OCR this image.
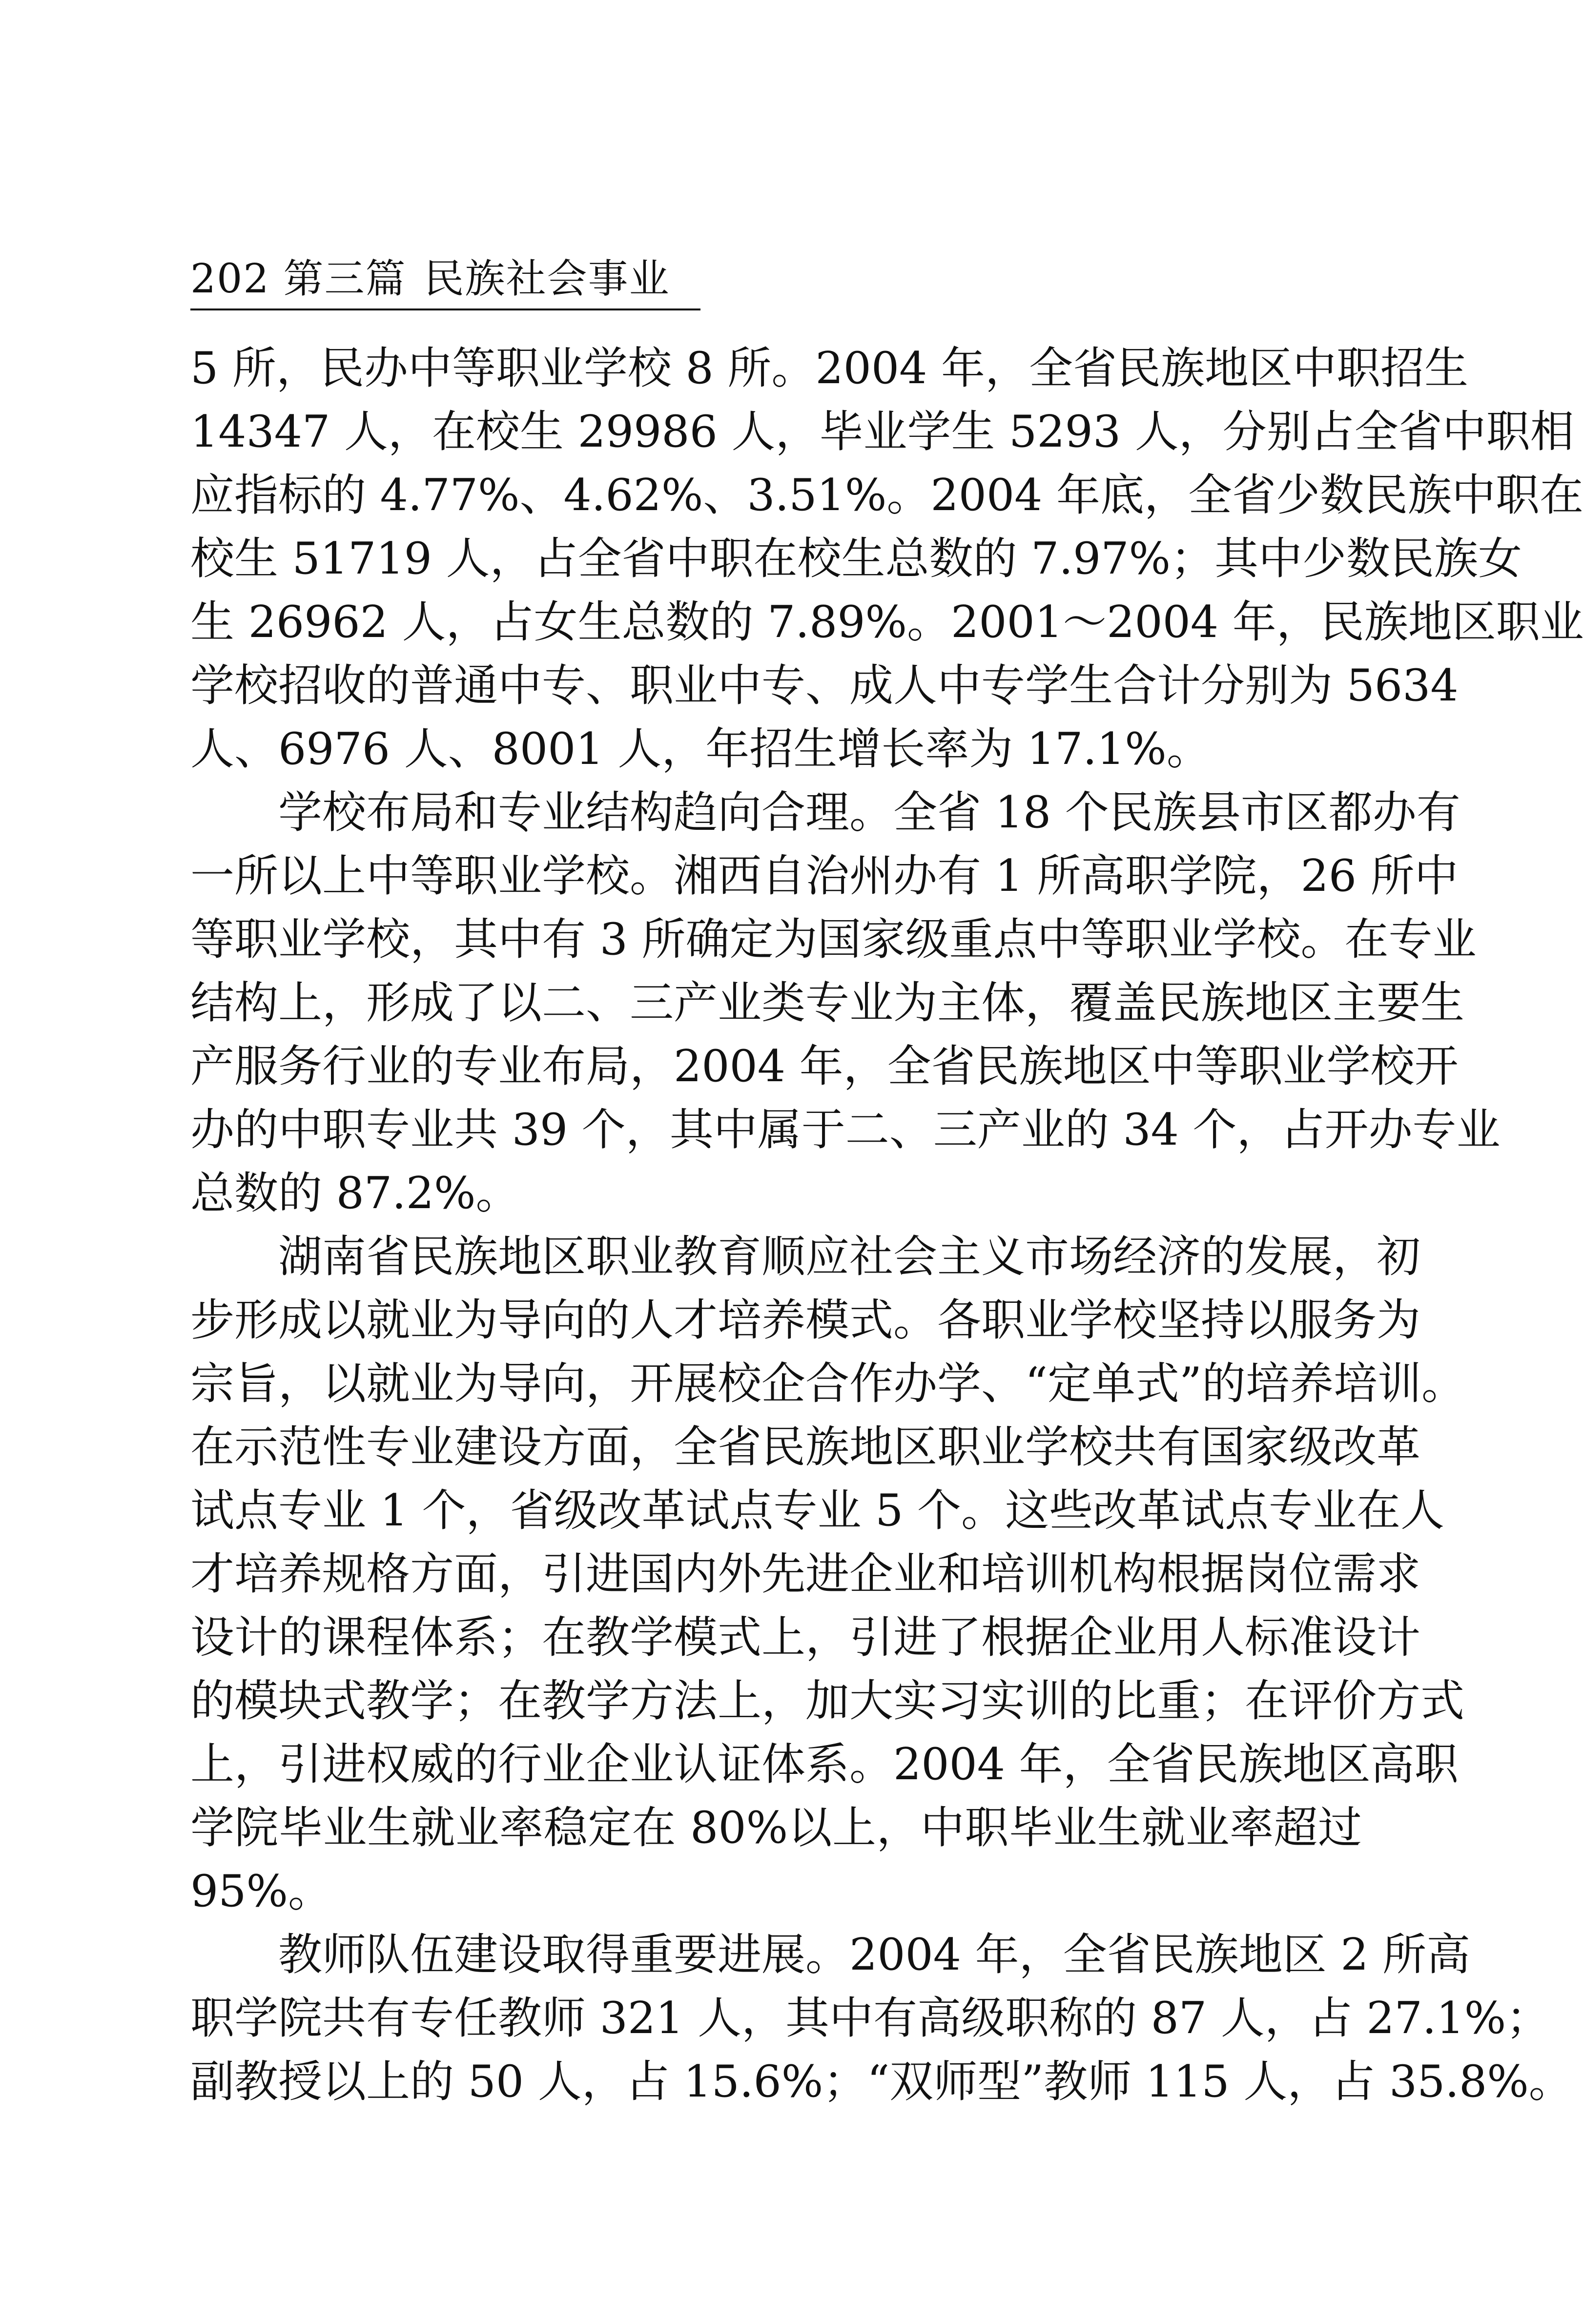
202 第三篇 民族社会事业
5 所，民办中等职业学校 8 所。2004 年，全省民族地区中职招生
14347 人，在校生 29986 人，毕业学生 5293 人，分别占全省中职相
应指标的 4.77%、4.62%、3.51%。2004 年底，全省少数民族中职在
校生 51719 人，占全省中职在校生总数的 7.97%；其中少数民族女
生 26962 人，占女生总数的 7.89%。2001～2004 年，民族地区职业
学校招收的普通中专、职业中专、成人中专学生合计分别为 5634
人、6976 人、8001 人，年招生增长率为 17.1%。
学校布局和专业结构趋向合理。全省 18 个民族县市区都办有
一所以上中等职业学校。湘西自治州办有 1 所高职学院，26 所中
等职业学校，其中有 3 所确定为国家级重点中等职业学校。在专业
结构上，形成了以二、三产业类专业为主体，覆盖民族地区主要生
产服务行业的专业布局，2004 年，全省民族地区中等职业学校开
办的中职专业共 39 个，其中属于二、三产业的 34 个，占开办专业
总数的 87.2%。
湖南省民族地区职业教育顺应社会主义市场经济的发展，初
步形成以就业为导向的人才培养模式。各职业学校坚持以服务为
宗旨，以就业为导向，开展校企合作办学、“定单式”的培养培训。
在示范性专业建设方面，全省民族地区职业学校共有国家级改革
试点专业 1 个，省级改革试点专业 5 个。这些改革试点专业在人
才培养规格方面，引进国内外先进企业和培训机构根据岗位需求
设计的课程体系；在教学模式上，引进了根据企业用人标准设计
的模块式教学；在教学方法上，加大实习实训的比重；在评价方式
上，引进权威的行业企业认证体系。2004 年，全省民族地区高职
学院毕业生就业率稳定在 80%以上，中职毕业生就业率超过
95%。
教师队伍建设取得重要进展。2004 年，全省民族地区 2 所高
职学院共有专任教师 321 人，其中有高级职称的 87 人，占 27.1%；
副教授以上的 50 人，占 15.6%；“双师型”教师 115 人，占 35.8%。
